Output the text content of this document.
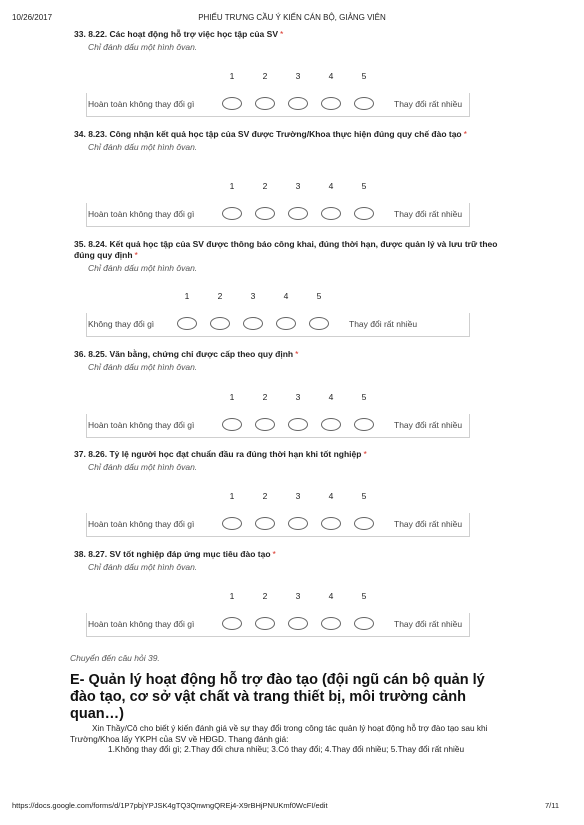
10/26/2017	PHIẾU TRƯNG CẦU Ý KIẾN CÁN BỘ, GIẢNG VIÊN
33. 8.22. Các hoạt động hỗ trợ việc học tập của SV *
Chỉ đánh dấu một hình ôvan.
1	2	3	4	5
Hoàn toàn không thay đổi gì	Thay đổi rất nhiều
34. 8.23. Công nhận kết quả học tập của SV được Trường/Khoa thực hiện đúng quy chế đào tạo *
Chỉ đánh dấu một hình ôvan.
1	2	3	4	5
Hoàn toàn không thay đổi gì	Thay đổi rất nhiều
35. 8.24. Kết quả học tập của SV được thông báo công khai, đúng thời hạn, được quản lý và lưu trữ theo đúng quy định *
Chỉ đánh dấu một hình ôvan.
1	2	3	4	5
Không thay đổi gì	Thay đổi rất nhiều
36. 8.25. Văn bằng, chứng chỉ được cấp theo quy định *
Chỉ đánh dấu một hình ôvan.
1	2	3	4	5
Hoàn toàn không thay đổi gì	Thay đổi rất nhiều
37. 8.26. Tỷ lệ người học đạt chuẩn đầu ra đúng thời hạn khi tốt nghiệp *
Chỉ đánh dấu một hình ôvan.
1	2	3	4	5
Hoàn toàn không thay đổi gì	Thay đổi rất nhiều
38. 8.27. SV tốt nghiệp đáp ứng mục tiêu đào tạo *
Chỉ đánh dấu một hình ôvan.
1	2	3	4	5
Hoàn toàn không thay đổi gì	Thay đổi rất nhiều
Chuyển đến câu hỏi 39.
E- Quản lý hoạt động hỗ trợ đào tạo (đội ngũ cán bộ quản lý đào tạo, cơ sở vật chất và trang thiết bị, môi trường cảnh quan…)
Xin Thầy/Cô cho biết ý kiến đánh giá về sự thay đổi trong công tác quản lý hoạt động hỗ trợ đào tạo sau khi Trường/Khoa lấy YKPH của SV về HĐGD. Thang đánh giá:
1.Không thay đổi gì; 2.Thay đổi chưa nhiều; 3.Có thay đổi; 4.Thay đổi nhiều; 5.Thay đổi rất nhiều
https://docs.google.com/forms/d/1P7pbjYPJSK4gTQ3QnwngQREj4-X9rBHjPNUKmf0WcFI/edit	7/11
